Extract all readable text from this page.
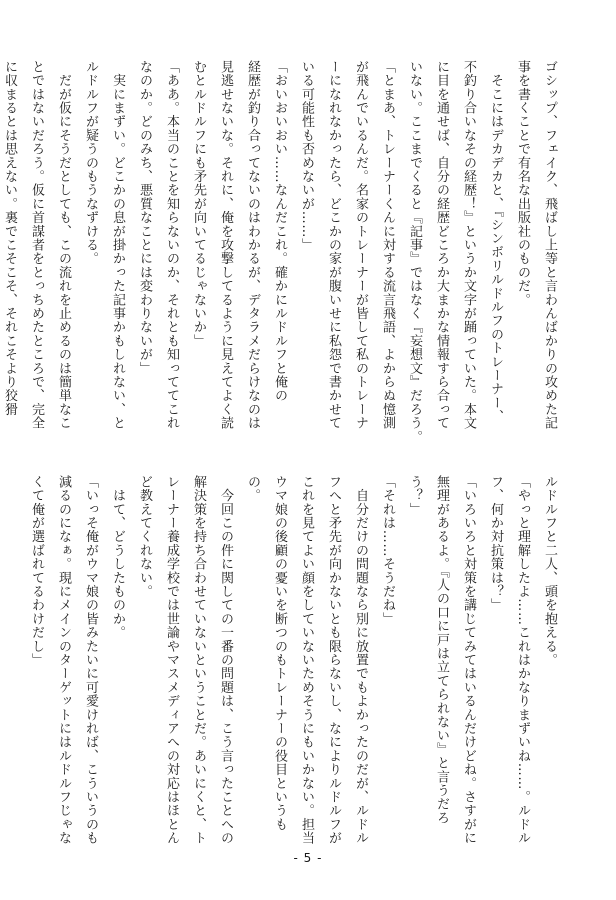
ゴシップ、フェイク、飛ばし上等と言わんばかりの攻めた記
事を書くことで有名な出版社のものだ。
　そこにはデカデカと、『シンボリルドルフのトレーナー、
不釣り合いなその経歴！』というか文字が踊っていた。本文
に目を通せば、自分の経歴どころか大まかな情報すら合って
いない。ここまでくると『記事』ではなく『妄想文』だろう。
「とまあ、トレーナーくんに対する流言飛語、よからぬ憶測
が飛んでいるんだ。名家のトレーナーが皆して私のトレーナ
ーになれなかったら、どこかの家が腹いせに私怨で書かせて
いる可能性も否めないが……」
「おいおいおい……なんだこれ。確かにルドルフと俺の
経歴が釣り合ってないのはわかるが、デタラメだらけなのは
見逃せないな。それに、俺を攻撃してるように見えてよく読
むとルドルフにも矛先が向いてるじゃないか」
「ああ。本当のことを知らないのか、それとも知っててこれ
なのか。どのみち、悪質なことには変わりないが」
　実にまずい。どこかの息が掛かった記事かもしれない、と
ルドルフが疑うのもうなずける。
　だが仮にそうだとしても、この流れを止めるのは簡単なこ
とではないだろう。仮に首謀者をとっちめたところで、完全
に収まるとは思えない。裏でこそこそ、それこそより狡猾
ルドルフと二人、頭を抱える。
「やっと理解したよ……これはかなりまずいね……。ルドル
フ、何か対抗策は？」
「いろいろと対策を講じてみてはいるんだけどね。さすがに
無理があるよ。『人の口に戸は立てられない』と言うだろ
う？」
「それは……そうだね」
　自分だけの問題なら別に放置でもよかったのだが、ルドル
フへと矛先が向かないとも限らないし、なによりルドルフが
これを見てよい顔をしていないためそうにもいかない。担当
ウマ娘の後顧の憂いを断つのもトレーナーの役目というも
の。
　今回この件に関しての一番の問題は、こう言ったことへの
解決策を持ち合わせていないということだ。あいにくと、ト
レーナー養成学校では世論やマスメディアへの対応はほとん
ど教えてくれない。
　はて、どうしたものか。
「いっそ俺がウマ娘の皆みたいに可愛ければ、こういうのも
減るのになぁ。現にメインのターゲットにはルドルフじゃな
くて俺が選ばれてるわけだし」
- 5 -
